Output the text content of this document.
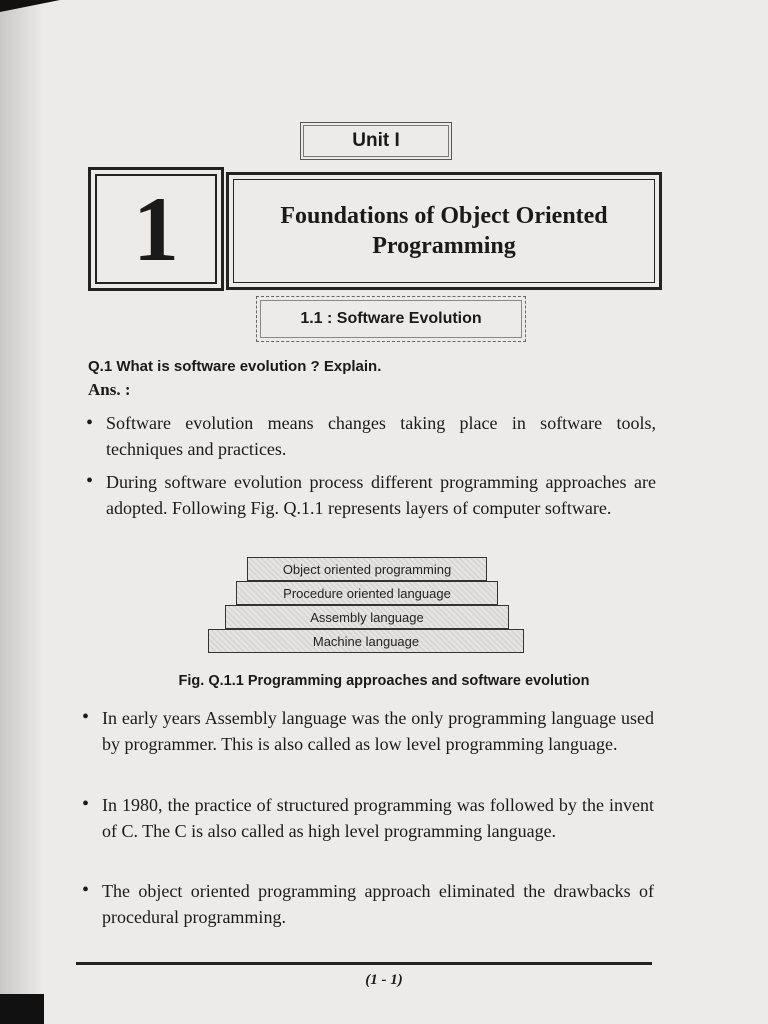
Unit I
1	Foundations of Object Oriented
Programming
1.1 : Software Evolution
Q.1 What is software evolution ? Explain.
Ans. :
• Software evolution means changes taking place in software tools, techniques and practices.
• During software evolution process different programming approaches are adopted. Following Fig. Q.1.1 represents layers of computer software.
Object oriented programming
Procedure oriented language
Assembly language
Machine language
Fig. Q.1.1 Programming approaches and software evolution
• In early years Assembly language was the only programming language used by programmer. This is also called as low level programming language.
• In 1980, the practice of structured programming was followed by the invent of C. The C is also called as high level programming language.
• The object oriented programming approach eliminated the drawbacks of procedural programming.
(1 - 1)
